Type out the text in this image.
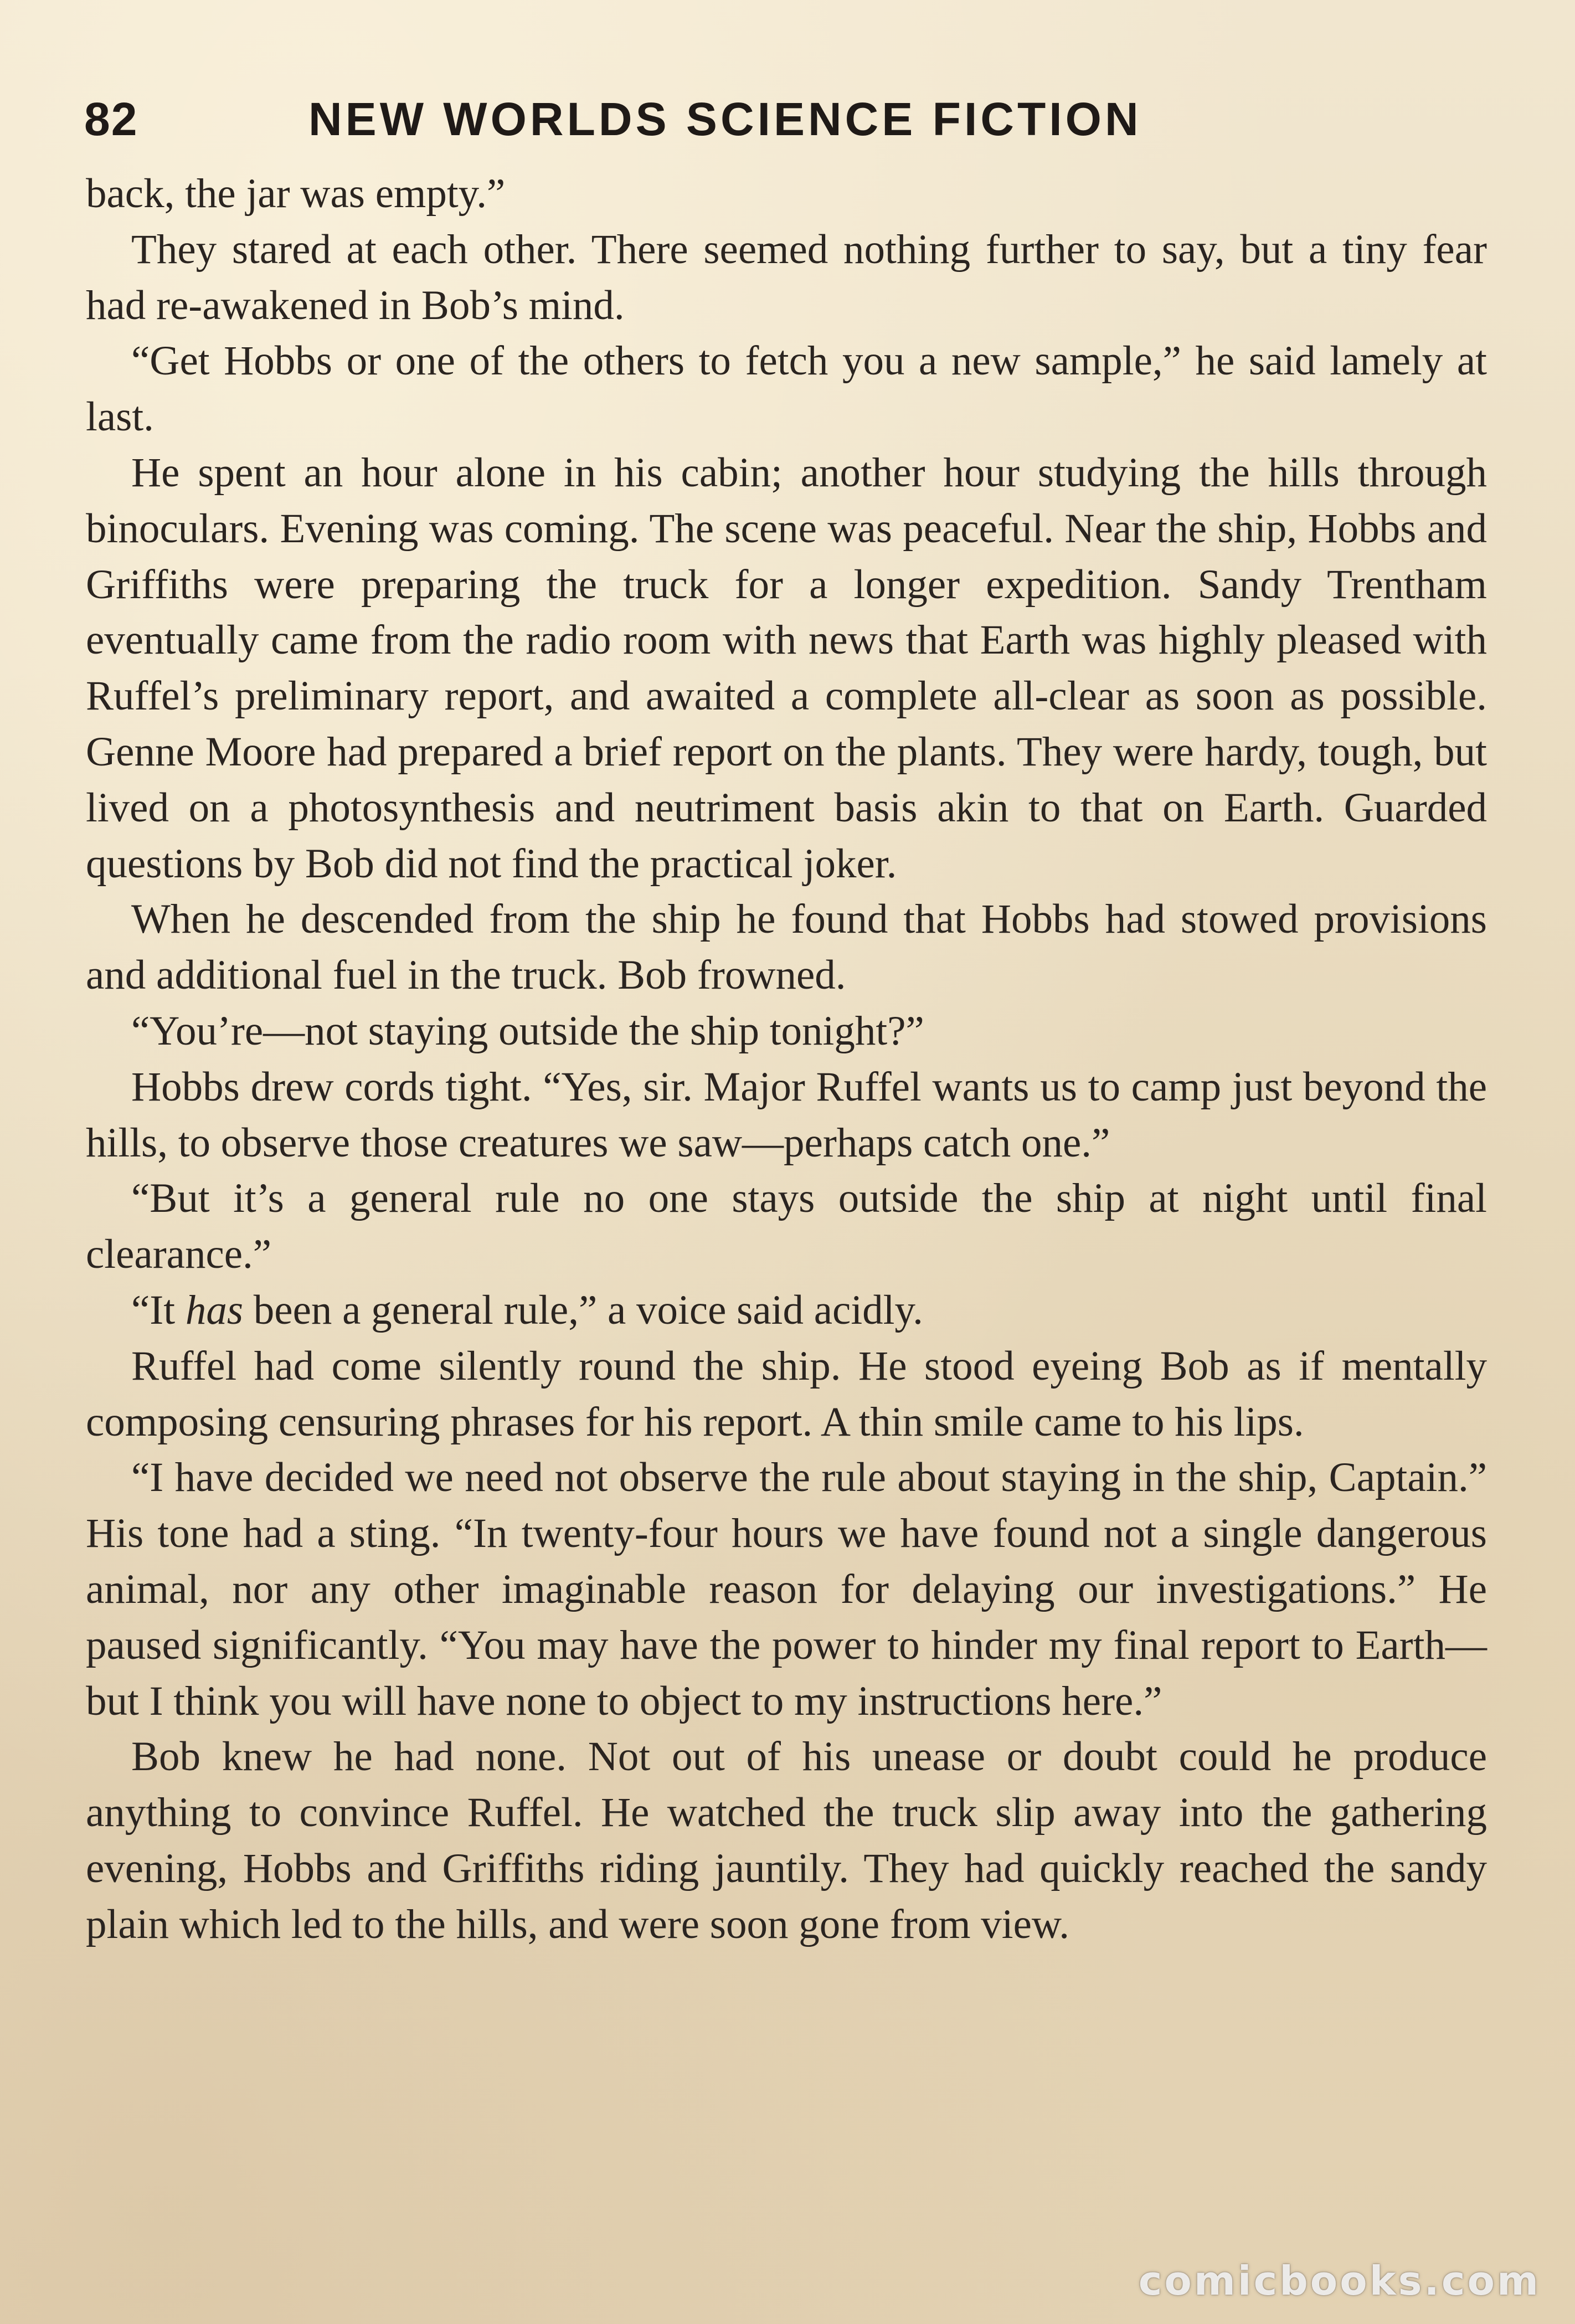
82	NEW WORLDS SCIENCE FICTION

back, the jar was empty.”

They stared at each other. There seemed nothing further to say, but a tiny fear had re-awakened in Bob’s mind.

“Get Hobbs or one of the others to fetch you a new sample,” he said lamely at last.

He spent an hour alone in his cabin; another hour studying the hills through binoculars. Evening was coming. The scene was peaceful. Near the ship, Hobbs and Griffiths were preparing the truck for a longer expedition. Sandy Trentham eventually came from the radio room with news that Earth was highly pleased with Ruffel’s preliminary report, and awaited a complete all-clear as soon as possible. Genne Moore had prepared a brief report on the plants. They were hardy, tough, but lived on a photosynthesis and neutriment basis akin to that on Earth. Guarded questions by Bob did not find the practical joker.

When he descended from the ship he found that Hobbs had stowed provisions and additional fuel in the truck. Bob frowned.

“You’re—not staying outside the ship tonight?”

Hobbs drew cords tight. “Yes, sir. Major Ruffel wants us to camp just beyond the hills, to observe those creatures we saw—perhaps catch one.”

“But it’s a general rule no one stays outside the ship at night until final clearance.”

“It has been a general rule,” a voice said acidly.

Ruffel had come silently round the ship. He stood eyeing Bob as if mentally composing censuring phrases for his report. A thin smile came to his lips.

“I have decided we need not observe the rule about staying in the ship, Captain.” His tone had a sting. “In twenty-four hours we have found not a single dangerous animal, nor any other imaginable reason for delaying our investigations.” He paused significantly. “You may have the power to hinder my final report to Earth—but I think you will have none to object to my instructions here.”

Bob knew he had none. Not out of his unease or doubt could he produce anything to convince Ruffel. He watched the truck slip away into the gathering evening, Hobbs and Griffiths riding jauntily. They had quickly reached the sandy plain which led to the hills, and were soon gone from view.

comicbooks.com
